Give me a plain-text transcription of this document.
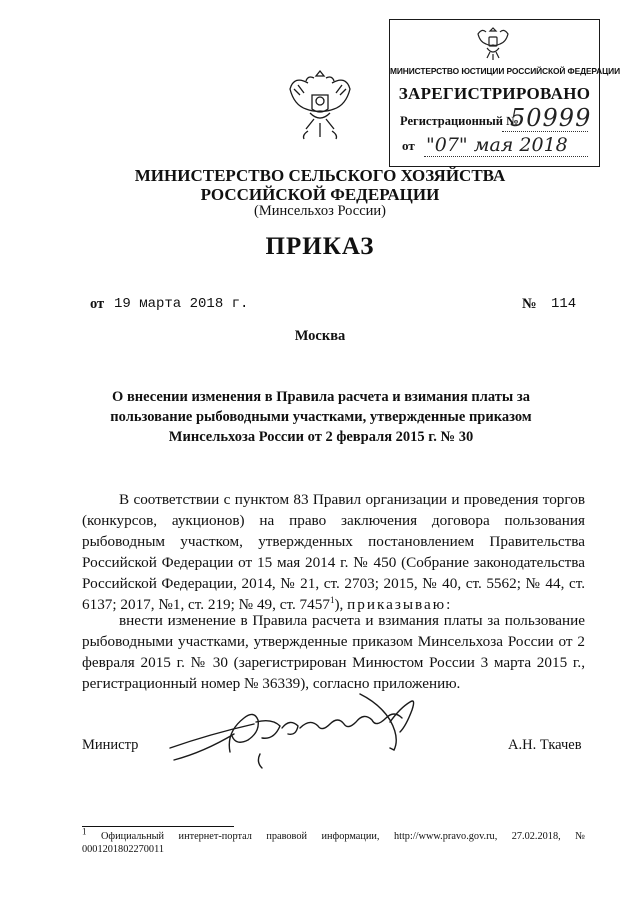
МИНИСТЕРСТВО ЮСТИЦИИ РОССИЙСКОЙ ФЕДЕРАЦИИ
ЗАРЕГИСТРИРОВАНО
Регистрационный №
50999
от "07" мая 2018
МИНИСТЕРСТВО СЕЛЬСКОГО ХОЗЯЙСТВА
РОССИЙСКОЙ ФЕДЕРАЦИИ
(Минсельхоз России)
ПРИКАЗ
от 19 марта 2018 г.	№ 114
Москва
О внесении изменения в Правила расчета и взимания платы за
пользование рыбоводными участками, утвержденные приказом
Минсельхоза России от 2 февраля 2015 г. № 30
В соответствии с пунктом 83 Правил организации и проведения торгов (конкурсов, аукционов) на право заключения договора пользования рыбоводным участком, утвержденных постановлением Правительства Российской Федерации от 15 мая 2014 г. № 450 (Собрание законодательства Российской Федерации, 2014, № 21, ст. 2703; 2015, № 40, ст. 5562; № 44, ст. 6137; 2017, №1, ст. 219; № 49, ст. 7457$^1$), приказываю:
внести изменение в Правила расчета и взимания платы за пользование рыбоводными участками, утвержденные приказом Минсельхоза России от 2 февраля 2015 г. № 30 (зарегистрирован Минюстом России 3 марта 2015 г., регистрационный номер № 36339), согласно приложению.
Министр	А.Н. Ткачев
$^1$ Официальный интернет-портал правовой информации, http://www.pravo.gov.ru, 27.02.2018, № 0001201802270011
